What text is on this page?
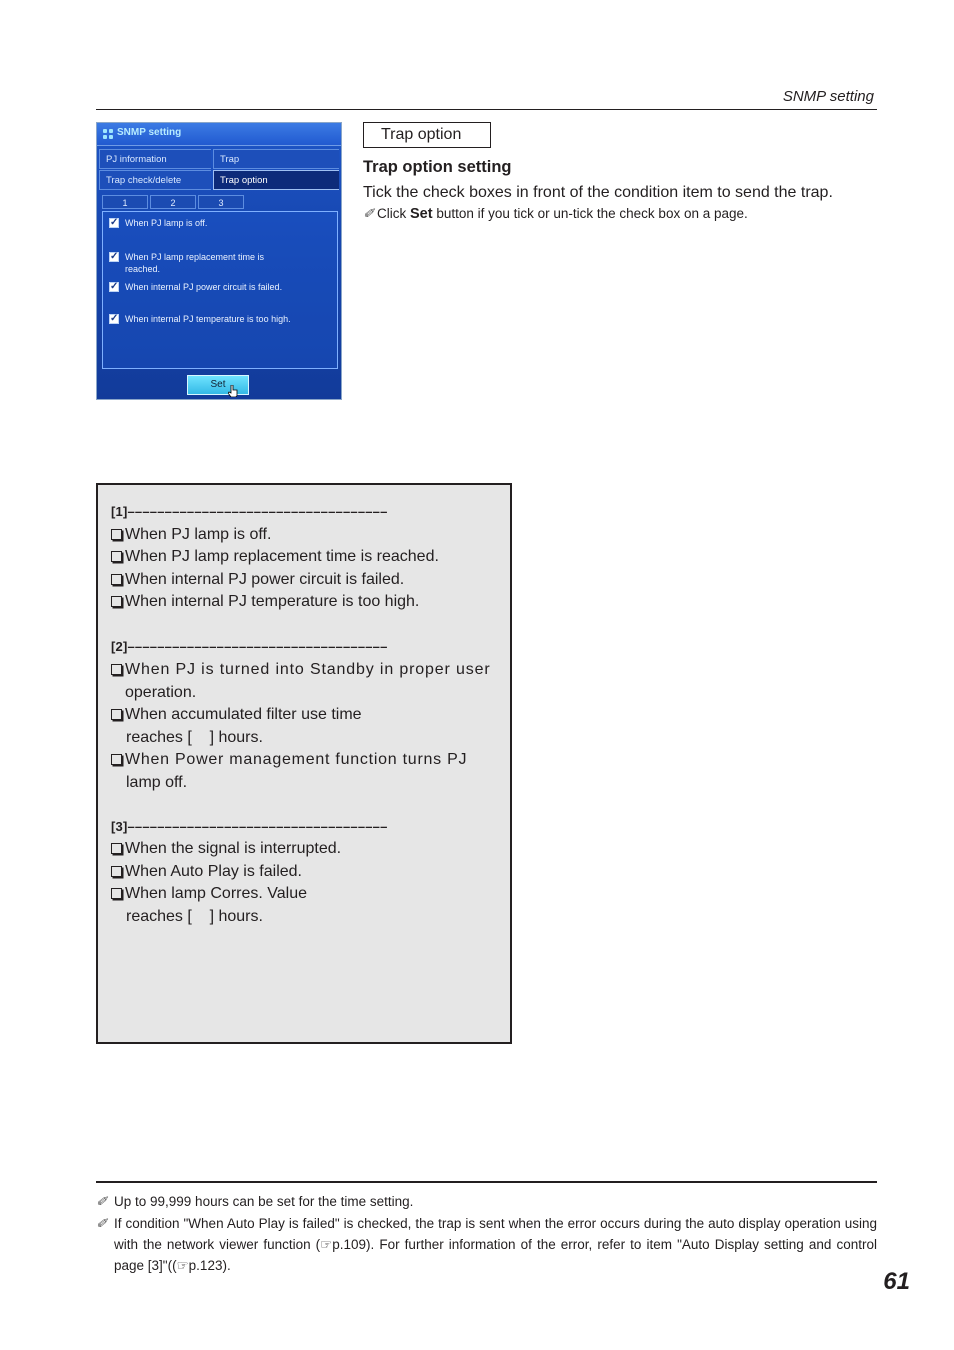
SNMP setting
SNMP setting
PJ information	Trap
Trap check/delete	Trap option
1	2	3
✓ When PJ lamp is off.
✓ When PJ lamp replacement time is reached.
✓ When internal PJ power circuit is failed.
✓ When internal PJ temperature is too high.
Set
Trap option
Trap option setting
Tick the check boxes in front of the condition item to send the trap.
✐ Click Set button if you tick or un-tick the check box on a page.
[1]–––––––––––––––––––––––––––––––––––
When PJ lamp is off.
When PJ lamp replacement time is reached.
When internal PJ power circuit is failed.
When internal PJ temperature is too high.
[2]–––––––––––––––––––––––––––––––––––
When PJ is turned into Standby in proper user
operation.
When accumulated filter use time
reaches [    ] hours.
When Power management function turns PJ
lamp off.
[3]–––––––––––––––––––––––––––––––––––
When the signal is interrupted.
When Auto Play is failed.
When lamp Corres. Value
reaches [    ] hours.
✐ Up to 99,999 hours can be set for the time setting.
✐ If condition "When Auto Play is failed" is checked, the trap is sent when the error occurs during the auto display operation using with the network viewer function (☞p.109). For further information of the error, refer to item "Auto Display setting and control page [3]"((☞p.123).
61
